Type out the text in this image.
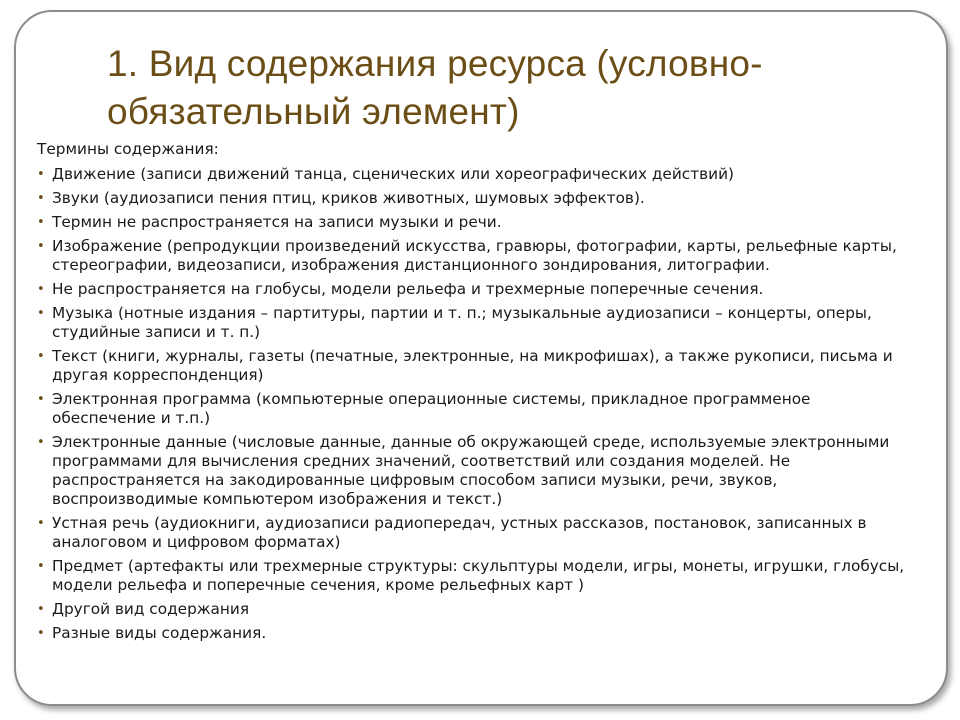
1. Вид содержания ресурса (условно-обязательный элемент)

Термины содержания:

• Движение (записи движений танца, сценических или хореографических действий)
• Звуки (аудиозаписи пения птиц, криков животных, шумовых эффектов).
• Термин не распространяется на записи музыки и речи.
• Изображение (репродукции произведений искусства, гравюры, фотографии, карты, рельефные карты, стереографии, видеозаписи, изображения дистанционного зондирования, литографии.
• Не распространяется на глобусы, модели рельефа и трехмерные поперечные сечения.
• Музыка (нотные издания – партитуры, партии и т. п.; музыкальные аудиозаписи – концерты, оперы, студийные записи и т. п.)
• Текст (книги, журналы, газеты (печатные, электронные, на микрофишах), а также рукописи, письма и другая корреспонденция)
• Электронная программа (компьютерные операционные системы, прикладное программеное обеспечение и т.п.)
• Электронные данные (числовые данные, данные об окружающей среде, используемые электронными программами для вычисления средних значений, соответствий или создания моделей. Не распространяется на закодированные цифровым способом записи музыки, речи, звуков, воспроизводимые компьютером изображения и текст.)
• Устная речь (аудиокниги, аудиозаписи радиопередач, устных рассказов, постановок, записанных в аналоговом и цифровом форматах)
• Предмет (артефакты или трехмерные структуры: скульптуры модели, игры, монеты, игрушки, глобусы, модели рельефа и поперечные сечения, кроме рельефных карт )
• Другой вид содержания
• Разные виды содержания.
